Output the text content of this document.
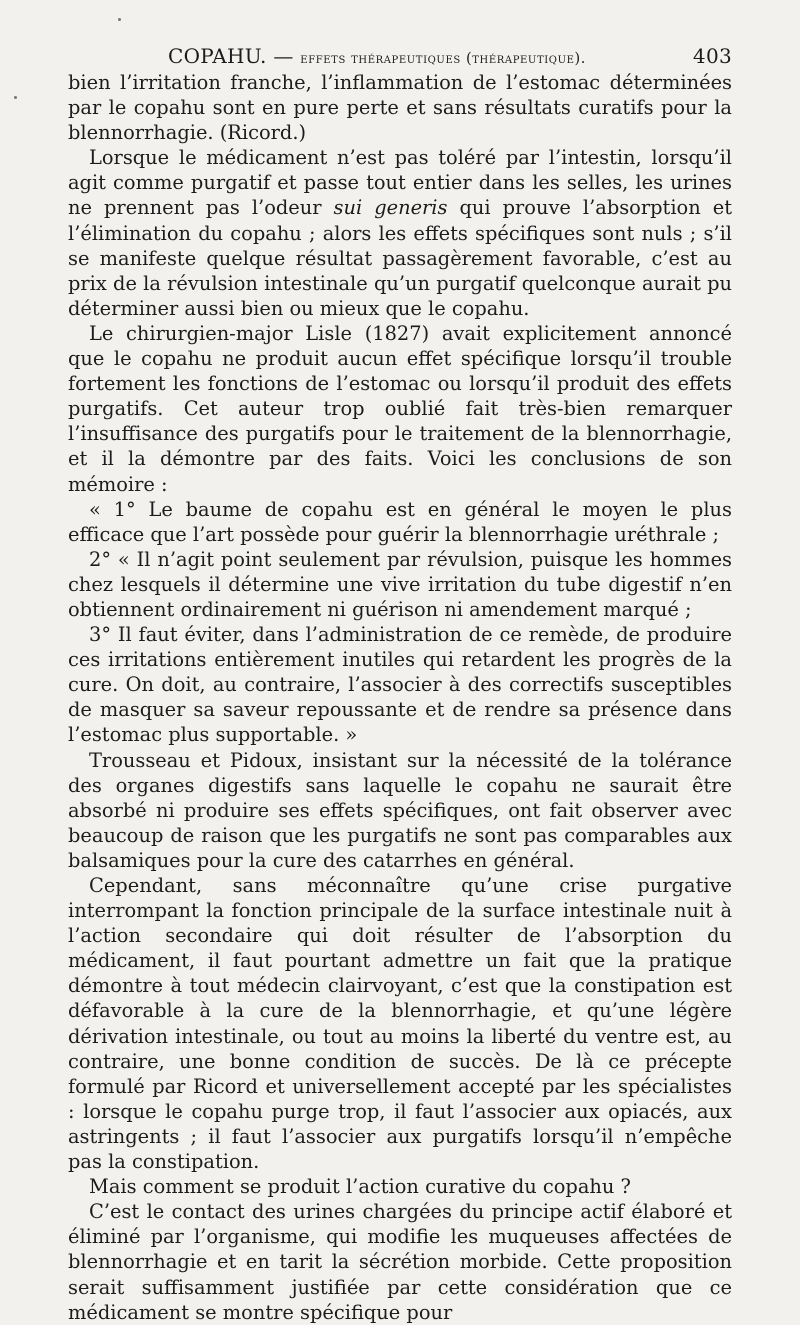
COPAHU. — effets thérapeutiques (thérapeutique).	403

bien l’irritation franche, l’inflammation de l’estomac déterminées par le copahu sont en pure perte et sans résultats curatifs pour la blennorrhagie. (Ricord.)

Lorsque le médicament n’est pas toléré par l’intestin, lorsqu’il agit comme purgatif et passe tout entier dans les selles, les urines ne prennent pas l’odeur sui generis qui prouve l’absorption et l’élimination du copahu ; alors les effets spécifiques sont nuls ; s’il se manifeste quelque résultat passagèrement favorable, c’est au prix de la révulsion intestinale qu’un purgatif quelconque aurait pu déterminer aussi bien ou mieux que le copahu.

Le chirurgien-major Lisle (1827) avait explicitement annoncé que le copahu ne produit aucun effet spécifique lorsqu’il trouble fortement les fonctions de l’estomac ou lorsqu’il produit des effets purgatifs. Cet auteur trop oublié fait très-bien remarquer l’insuffisance des purgatifs pour le traitement de la blennorrhagie, et il la démontre par des faits. Voici les conclusions de son mémoire :

« 1° Le baume de copahu est en général le moyen le plus efficace que l’art possède pour guérir la blennorrhagie uréthrale ;

2° « Il n’agit point seulement par révulsion, puisque les hommes chez lesquels il détermine une vive irritation du tube digestif n’en obtiennent ordinairement ni guérison ni amendement marqué ;

3° Il faut éviter, dans l’administration de ce remède, de produire ces irritations entièrement inutiles qui retardent les progrès de la cure. On doit, au contraire, l’associer à des correctifs susceptibles de masquer sa saveur repoussante et de rendre sa présence dans l’estomac plus supportable. »

Trousseau et Pidoux, insistant sur la nécessité de la tolérance des organes digestifs sans laquelle le copahu ne saurait être absorbé ni produire ses effets spécifiques, ont fait observer avec beaucoup de raison que les purgatifs ne sont pas comparables aux balsamiques pour la cure des catarrhes en général.

Cependant, sans méconnaître qu’une crise purgative interrompant la fonction principale de la surface intestinale nuit à l’action secondaire qui doit résulter de l’absorption du médicament, il faut pourtant admettre un fait que la pratique démontre à tout médecin clairvoyant, c’est que la constipation est défavorable à la cure de la blennorrhagie, et qu’une légère dérivation intestinale, ou tout au moins la liberté du ventre est, au contraire, une bonne condition de succès. De là ce précepte formulé par Ricord et universellement accepté par les spécialistes : lorsque le copahu purge trop, il faut l’associer aux opiacés, aux astringents ; il faut l’associer aux purgatifs lorsqu’il n’empêche pas la constipation.

Mais comment se produit l’action curative du copahu ?

C’est le contact des urines chargées du principe actif élaboré et éliminé par l’organisme, qui modifie les muqueuses affectées de blennorrhagie et en tarit la sécrétion morbide. Cette proposition serait suffisamment justifiée par cette considération que ce médicament se montre spécifique pour
